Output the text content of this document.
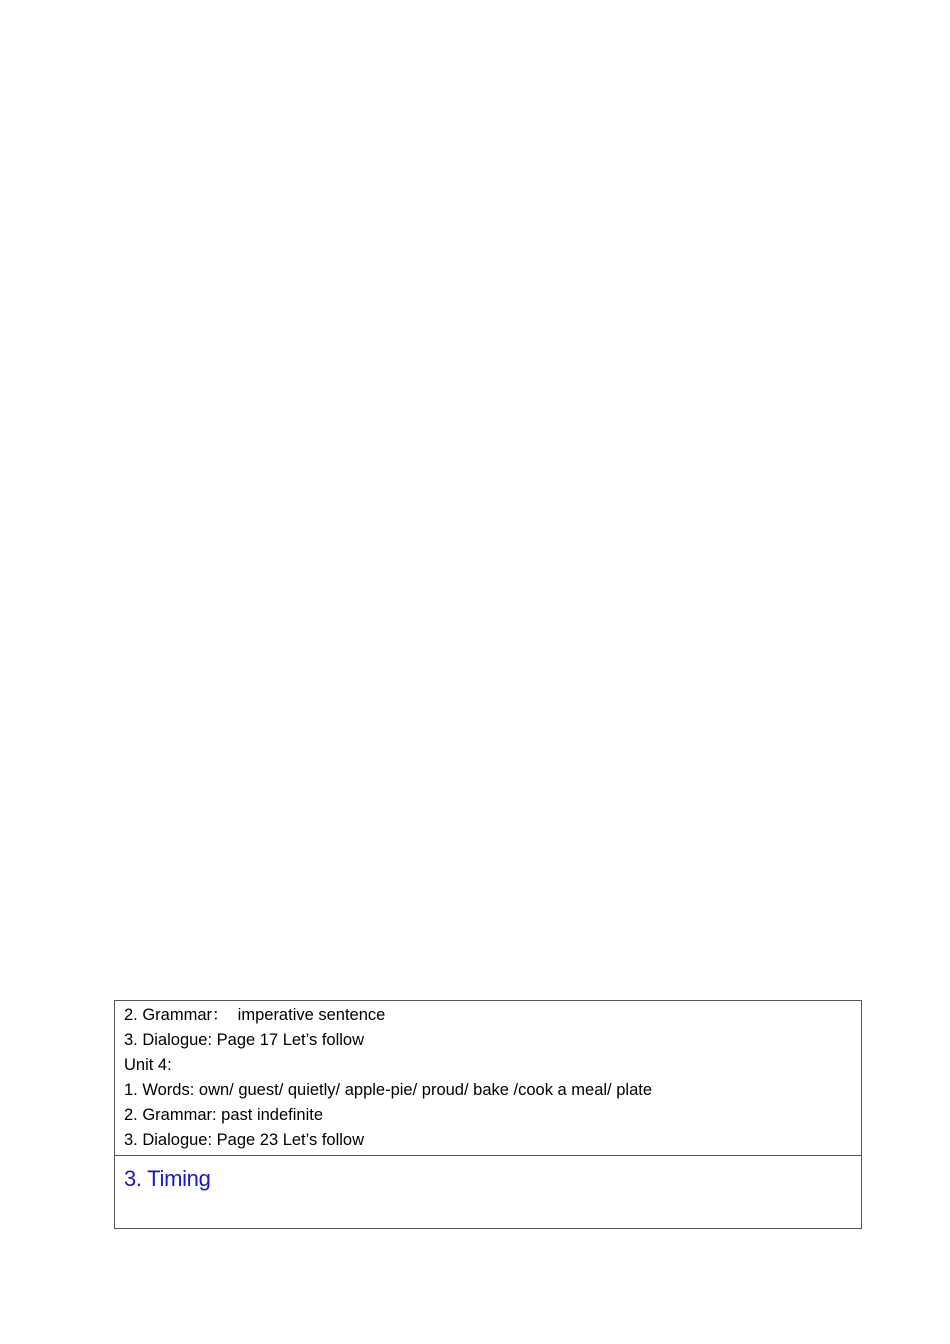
2. Grammar：  imperative sentence
3. Dialogue: Page 17 Let’s follow
Unit 4:
1. Words: own/ guest/ quietly/ apple-pie/ proud/ bake /cook a meal/ plate
2. Grammar: past indefinite
3. Dialogue: Page 23 Let’s follow
3. Timing
